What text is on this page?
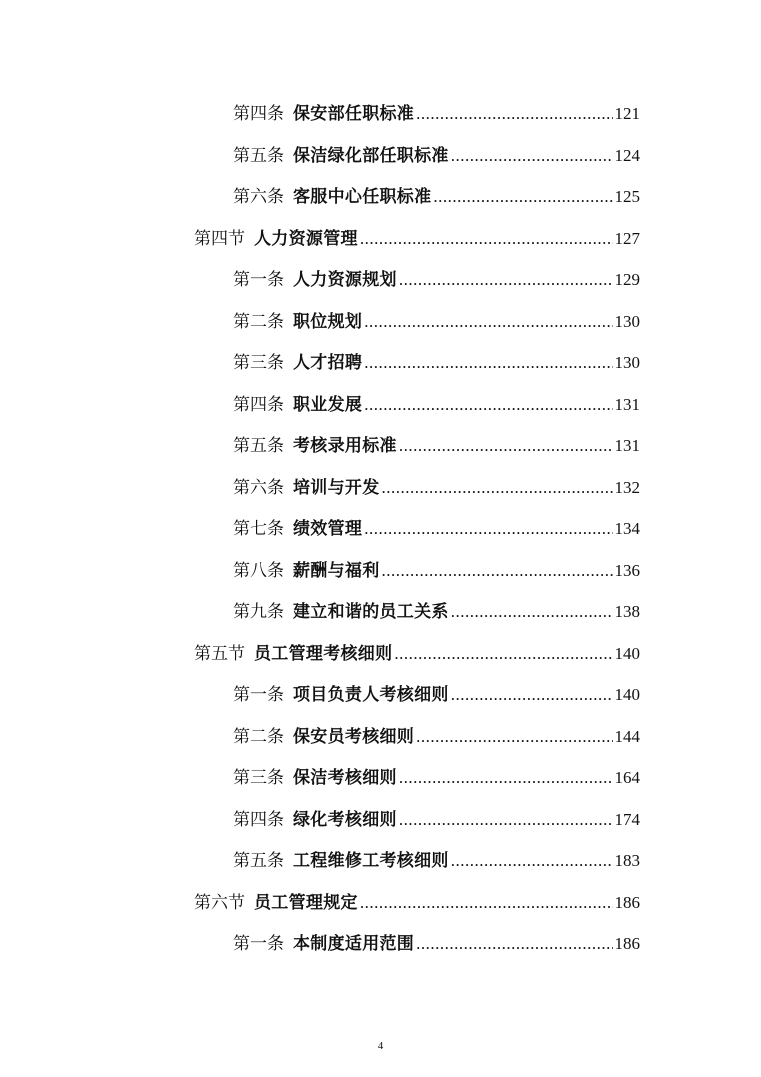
第四条 保安部任职标准 .....	121
第五条 保洁绿化部任职标准 .....	124
第六条 客服中心任职标准 .....	125
第四节 人力资源管理 .....	127
第一条 人力资源规划 .....	129
第二条 职位规划 .....	130
第三条 人才招聘 .....	130
第四条 职业发展 .....	131
第五条 考核录用标准 .....	131
第六条 培训与开发 .....	132
第七条 绩效管理 .....	134
第八条 薪酬与福利 .....	136
第九条 建立和谐的员工关系 .....	138
第五节 员工管理考核细则 .....	140
第一条 项目负责人考核细则 .....	140
第二条 保安员考核细则 .....	144
第三条 保洁考核细则 .....	164
第四条 绿化考核细则 .....	174
第五条 工程维修工考核细则 .....	183
第六节 员工管理规定 .....	186
第一条 本制度适用范围 .....	186
4
